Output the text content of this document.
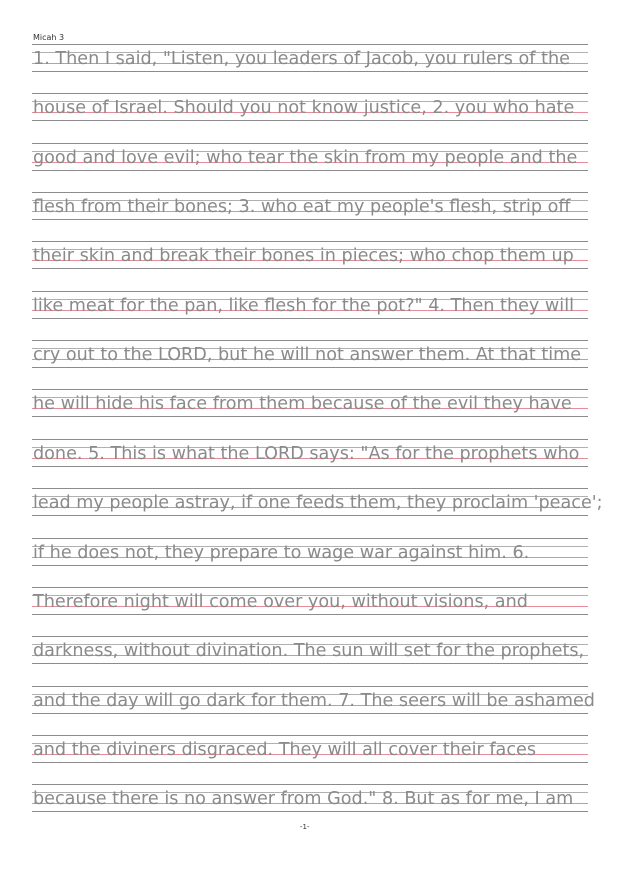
Micah 3
1. Then I said, "Listen, you leaders of Jacob, you rulers of the
house of Israel. Should you not know justice, 2. you who hate
good and love evil; who tear the skin from my people and the
flesh from their bones; 3. who eat my people's flesh, strip off
their skin and break their bones in pieces; who chop them up
like meat for the pan, like flesh for the pot?" 4. Then they will
cry out to the LORD, but he will not answer them. At that time
he will hide his face from them because of the evil they have
done. 5. This is what the LORD says: "As for the prophets who
lead my people astray, if one feeds them, they proclaim 'peace';
if he does not, they prepare to wage war against him. 6.
Therefore night will come over you, without visions, and
darkness, without divination. The sun will set for the prophets,
and the day will go dark for them. 7. The seers will be ashamed
and the diviners disgraced. They will all cover their faces
because there is no answer from God." 8. But as for me, I am
-1-
